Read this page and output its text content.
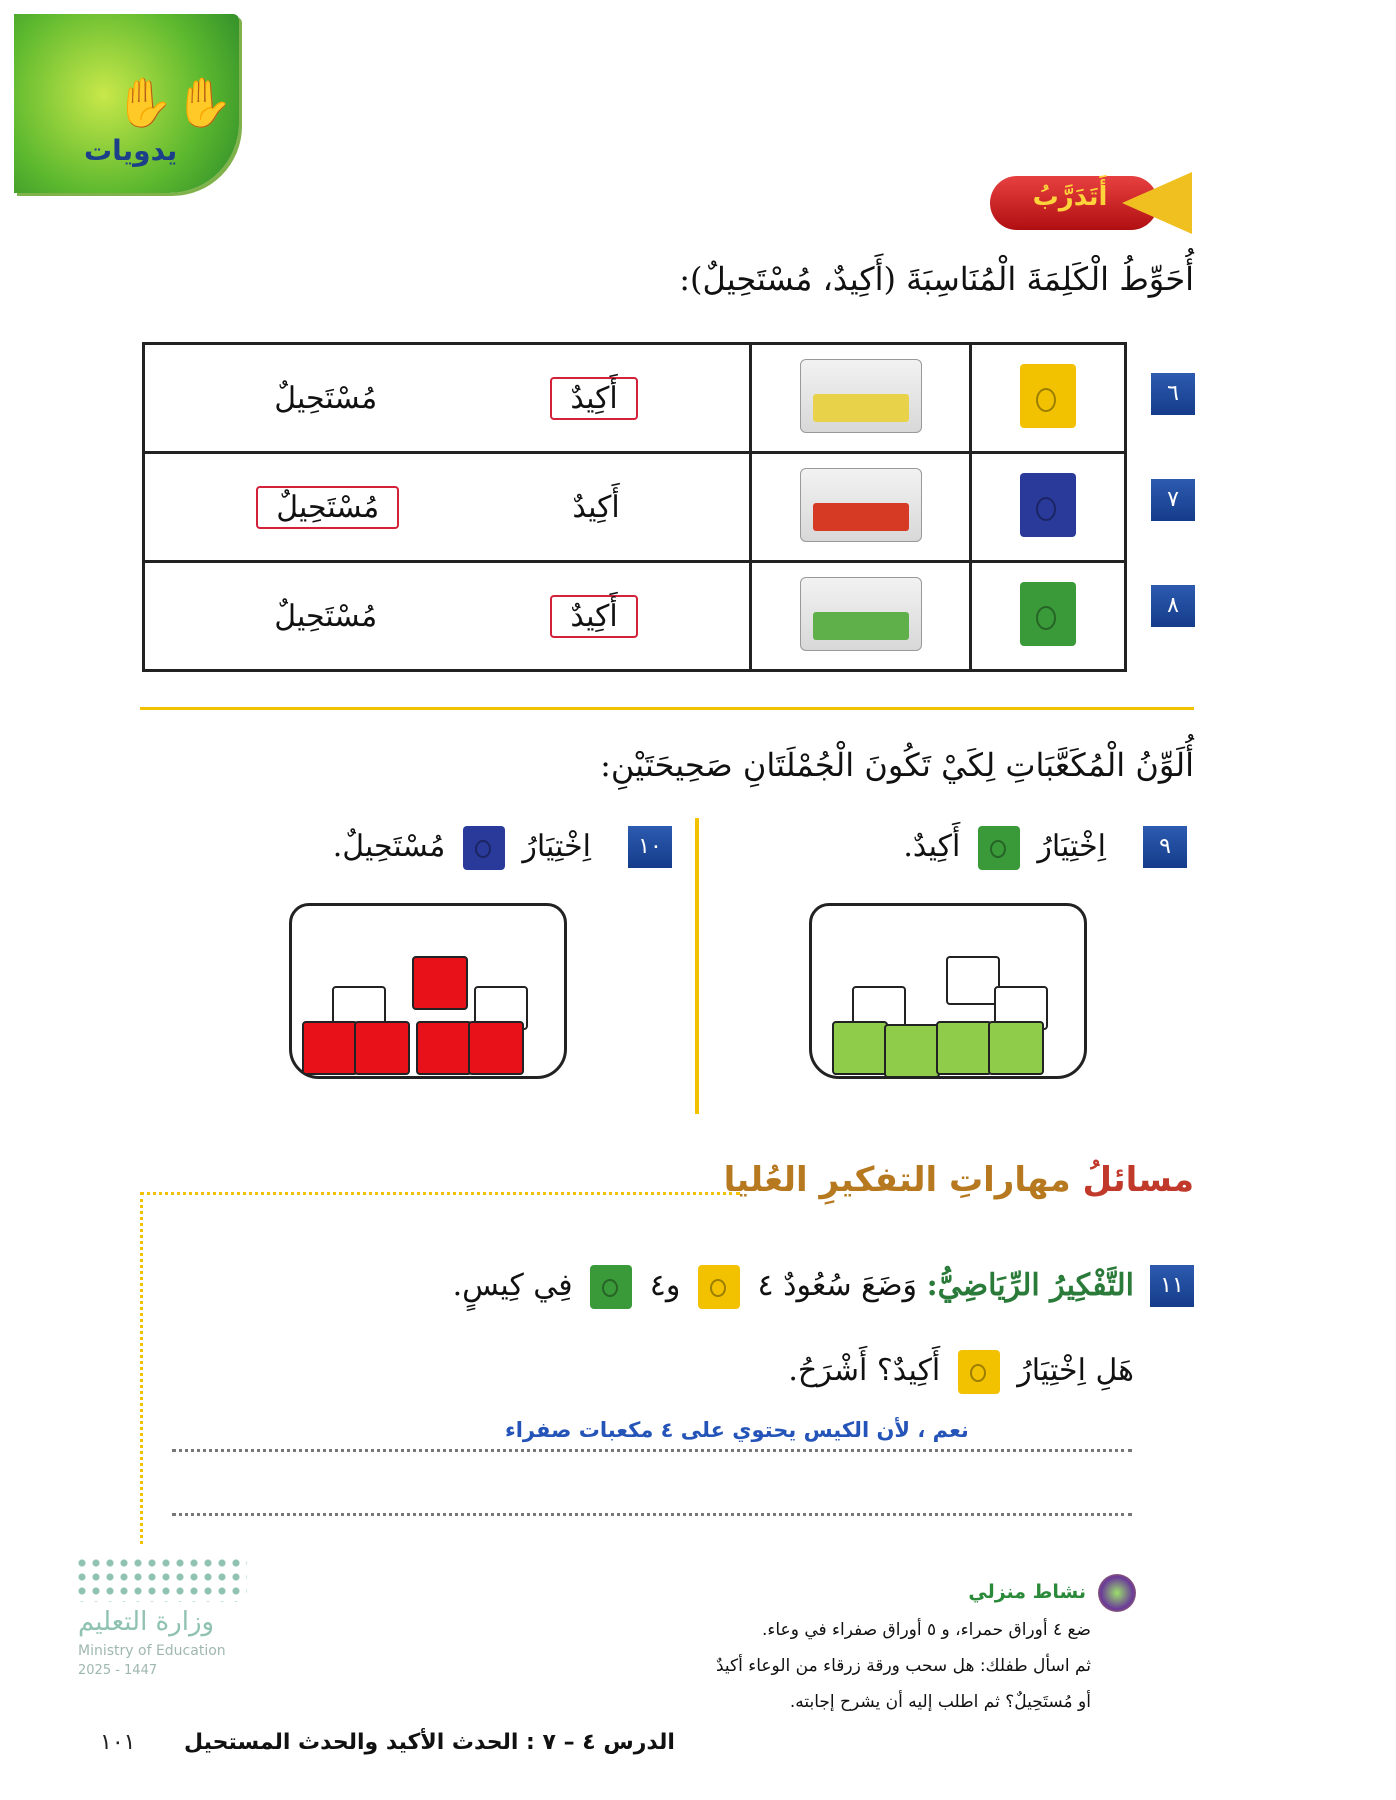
✋✋
يدويات
أَتَدَرَّبُ
أُحَوِّطُ الْكَلِمَةَ الْمُنَاسِبَةَ (أَكِيدٌ، مُسْتَحِيلٌ):

	أَكِيدٌ مُسْتَحِيلٌ

	أَكِيدٌ مُسْتَحِيلٌ

	أَكِيدٌ مُسْتَحِيلٌ
٦
٧
٨
أُلَوِّنُ الْمُكَعَّبَاتِ لِكَيْ تَكُونَ الْجُمْلَتَانِ صَحِيحَتَيْنِ:
٩
اِخْتِيَارُ  أَكِيدٌ.
١٠
اِخْتِيَارُ  مُسْتَحِيلٌ.
مسائلُ مهاراتِ التفكيرِ العُليا
١١
التَّفْكِيرُ الرِّيَاضِيُّ: وَضَعَ سُعُودٌ ٤  و٤  فِي كِيسٍ.
هَلِ اِخْتِيَارُ  أَكِيدٌ؟ أَشْرَحُ.
نعم ، لأن الكيس يحتوي على ٤ مكعبات صفراء
نشاط منزلي
ضع ٤ أوراق حمراء، و ٥ أوراق صفراء في وعاء.
ثم اسأل طفلك: هل سحب ورقة زرقاء من الوعاء أكيدٌ
أو مُستَحِيلٌ؟ ثم اطلب إليه أن يشرح إجابته.
وزارة التعليم
Ministry of Education
2025 - 1447
الدرس ٤ – ٧ : الحدث الأكيد والحدث المستحيل
١٠١
